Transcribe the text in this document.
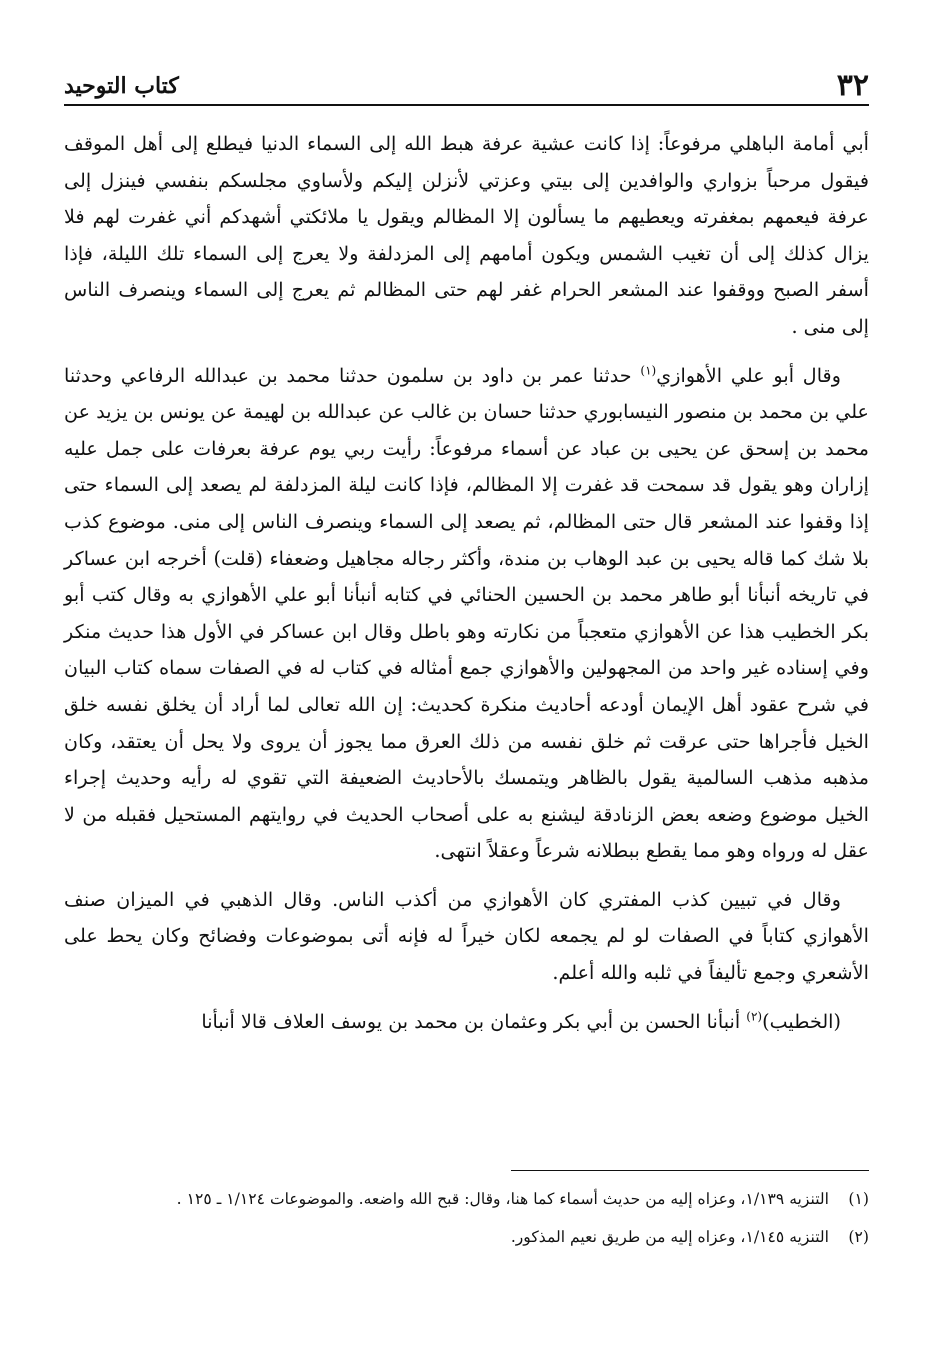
٣٢
كتاب التوحيد

أبي أمامة الباهلي مرفوعاً: إذا كانت عشية عرفة هبط الله إلى السماء الدنيا فيطلع إلى أهل الموقف فيقول مرحباً بزواري والوافدين إلى بيتي وعزتي لأنزلن إليكم ولأساوي مجلسكم بنفسي فينزل إلى عرفة فيعمهم بمغفرته ويعطيهم ما يسألون إلا المظالم ويقول يا ملائكتي أشهدكم أني غفرت لهم فلا يزال كذلك إلى أن تغيب الشمس ويكون أمامهم إلى المزدلفة ولا يعرج إلى السماء تلك الليلة، فإذا أسفر الصبح ووقفوا عند المشعر الحرام غفر لهم حتى المظالم ثم يعرج إلى السماء وينصرف الناس إلى منى .

وقال أبو علي الأهوازي$^{(١)}$ حدثنا عمر بن داود بن سلمون حدثنا محمد بن عبدالله الرفاعي وحدثنا علي بن محمد بن منصور النيسابوري حدثنا حسان بن غالب عن عبدالله بن لهيمة عن يونس بن يزيد عن محمد بن إسحق عن يحيى بن عباد عن أسماء مرفوعاً: رأيت ربي يوم عرفة بعرفات على جمل عليه إزاران وهو يقول قد سمحت قد غفرت إلا المظالم، فإذا كانت ليلة المزدلفة لم يصعد إلى السماء حتى إذا وقفوا عند المشعر قال حتى المظالم، ثم يصعد إلى السماء وينصرف الناس إلى منى. موضوع كذب بلا شك كما قاله يحيى بن عبد الوهاب بن مندة، وأكثر رجاله مجاهيل وضعفاء (قلت) أخرجه ابن عساكر في تاريخه أنبأنا أبو طاهر محمد بن الحسين الحنائي في كتابه أنبأنا أبو علي الأهوازي به وقال كتب أبو بكر الخطيب هذا عن الأهوازي متعجباً من نكارته وهو باطل وقال ابن عساكر في الأول هذا حديث منكر وفي إسناده غير واحد من المجهولين والأهوازي جمع أمثاله في كتاب له في الصفات سماه كتاب البيان في شرح عقود أهل الإيمان أودعه أحاديث منكرة كحديث: إن الله تعالى لما أراد أن يخلق نفسه خلق الخيل فأجراها حتى عرقت ثم خلق نفسه من ذلك العرق مما يجوز أن يروى ولا يحل أن يعتقد، وكان مذهبه مذهب السالمية يقول بالظاهر ويتمسك بالأحاديث الضعيفة التي تقوي له رأيه وحديث إجراء الخيل موضوع وضعه بعض الزنادقة ليشنع به على أصحاب الحديث في روايتهم المستحيل فقبله من لا عقل له ورواه وهو مما يقطع ببطلانه شرعاً وعقلاً انتهى.

وقال في تبيين كذب المفتري كان الأهوازي من أكذب الناس. وقال الذهبي في الميزان صنف الأهوازي كتاباً في الصفات لو لم يجمعه لكان خيراً له فإنه أتى بموضوعات وفضائح وكان يحط على الأشعري وجمع تأليفاً في ثلبه والله أعلم.

(الخطيب)$^{(٢)}$ أنبأنا الحسن بن أبي بكر وعثمان بن محمد بن يوسف العلاف قالا أنبأنا

(١)
التنزيه ١/١٣٩، وعزاه إليه من حديث أسماء كما هنا، وقال: قبح الله واضعه. والموضوعات ١/١٢٤ ـ ١٢٥ .
(٢)
التنزيه ١/١٤٥، وعزاه إليه من طريق نعيم المذكور.
